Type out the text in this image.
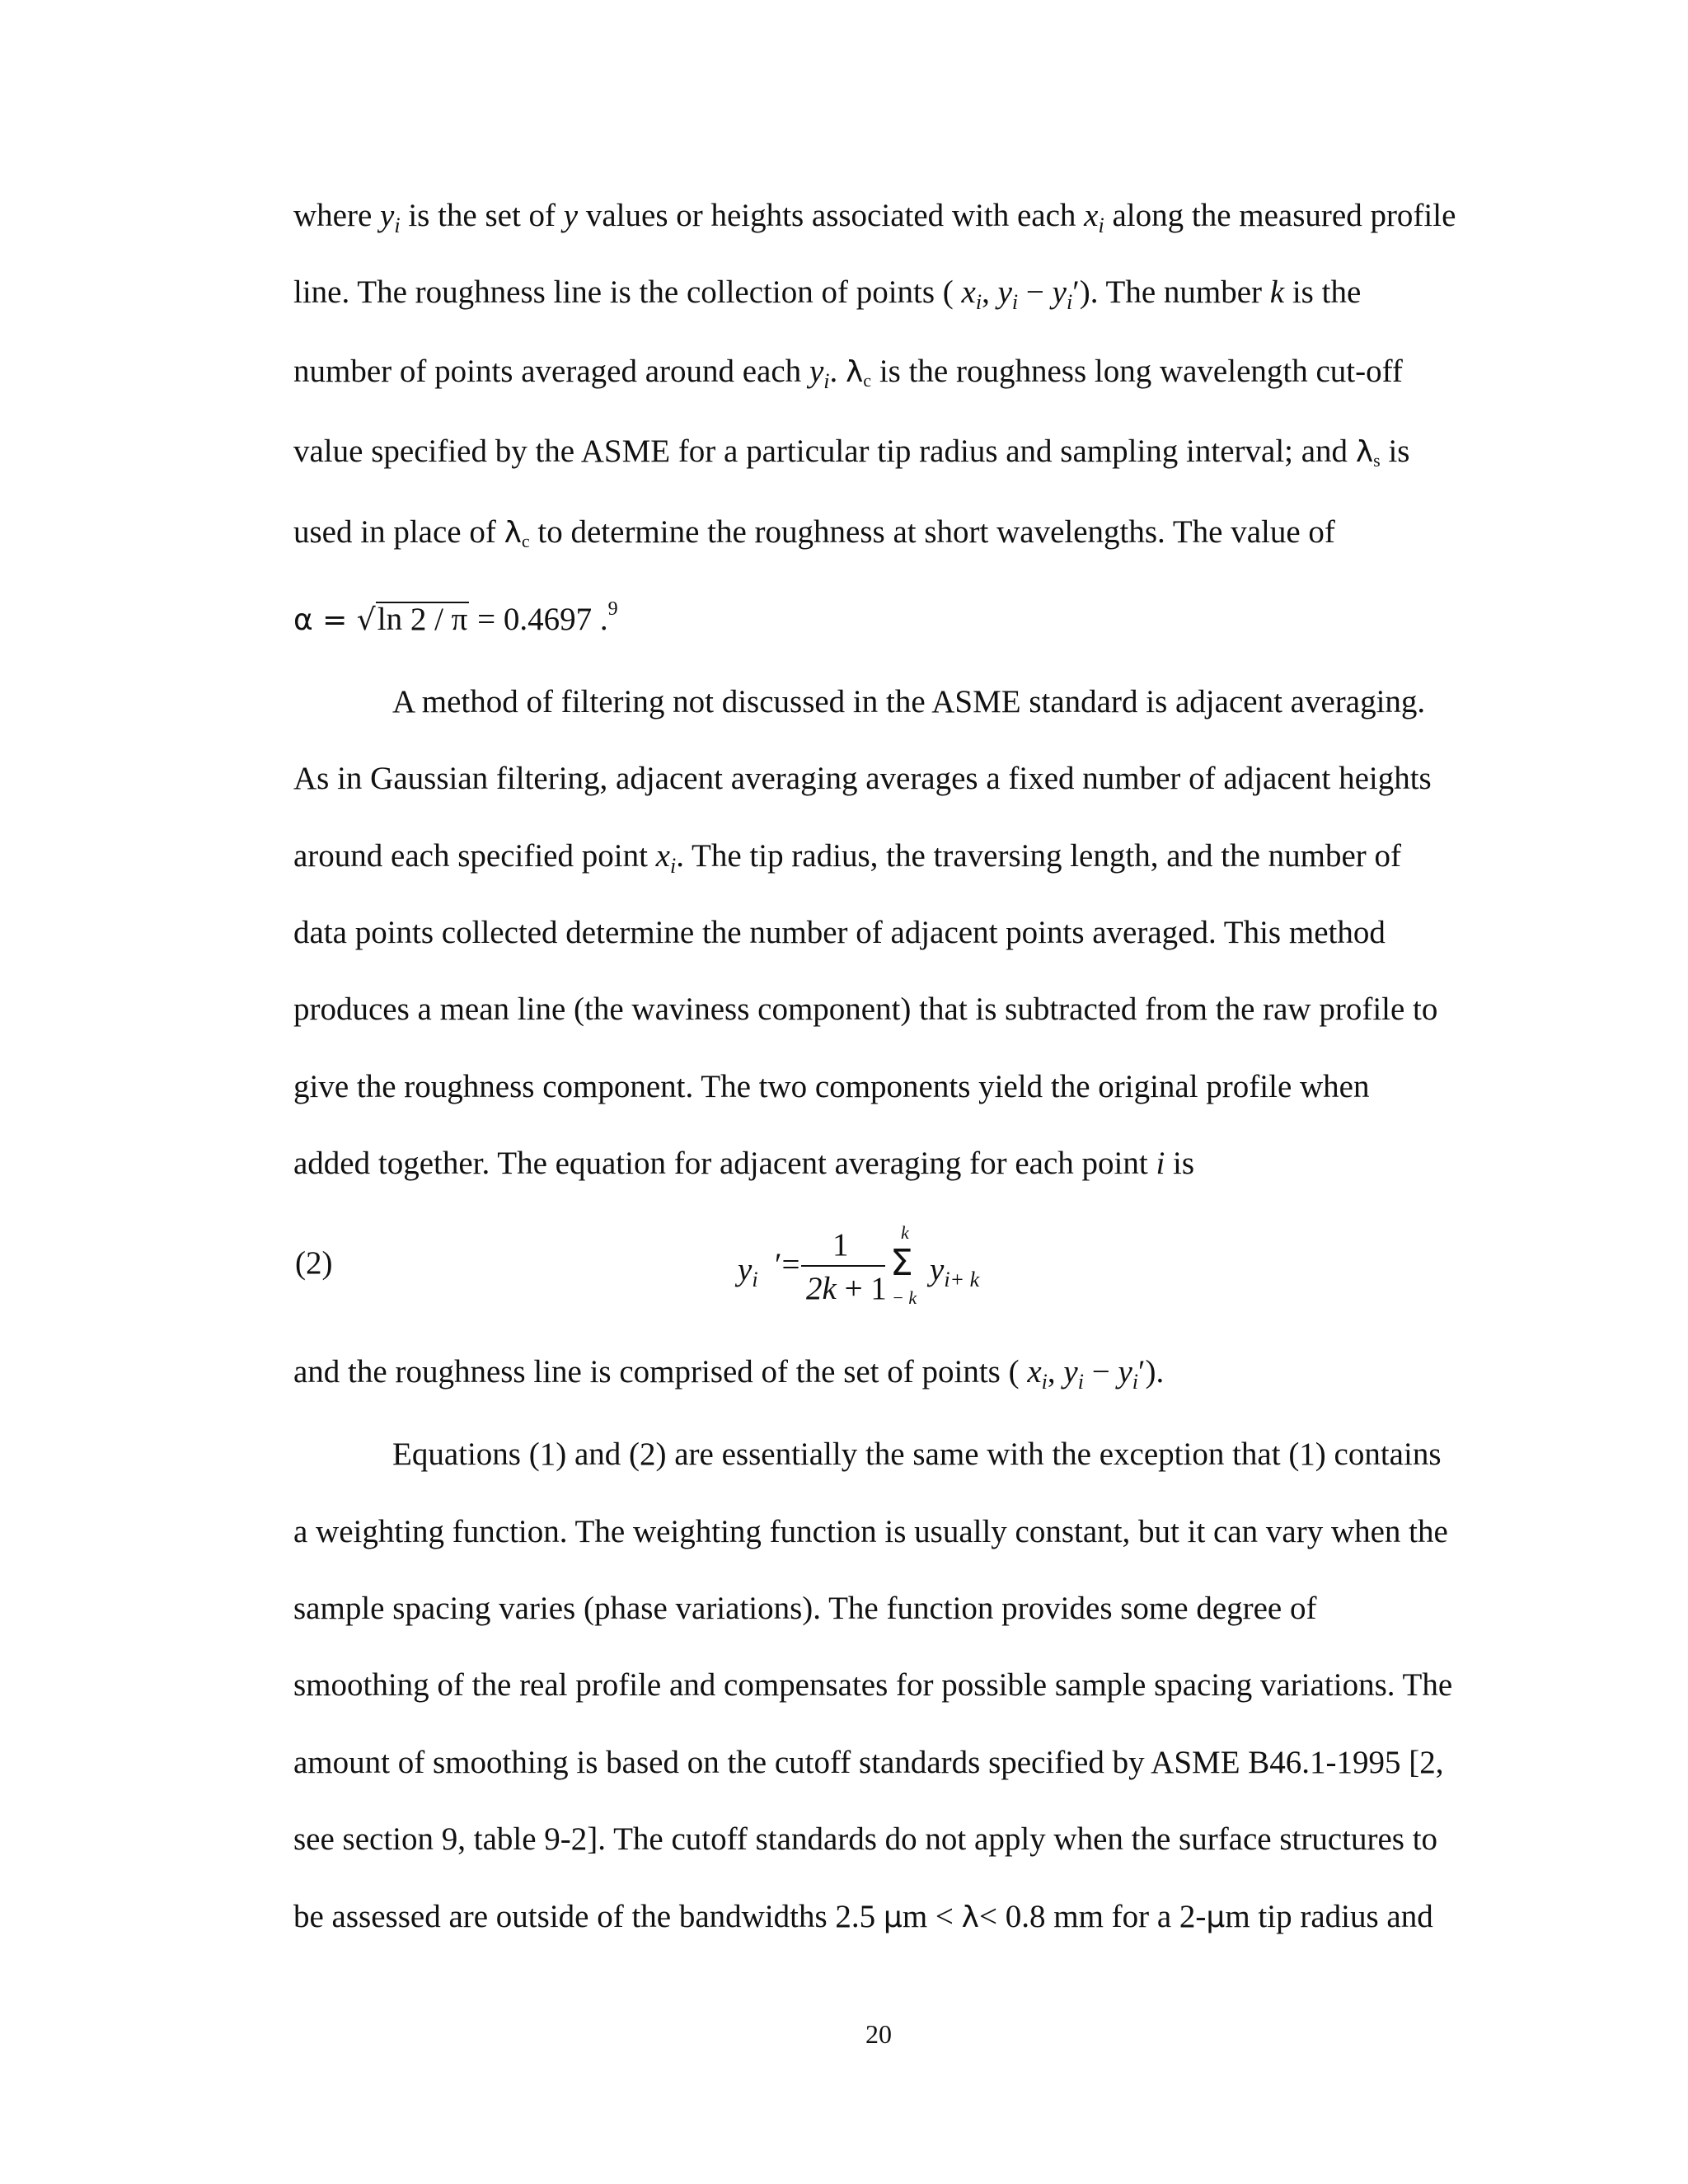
where $y_i$ is the set of y values or heights associated with each $x_i$ along the measured profile
line. The roughness line is the collection of points ( $x_i$, $y_i - y_i'$). The number k is the
number of points averaged around each $y_i$. λc is the roughness long wavelength cut-off
value specified by the ASME for a particular tip radius and sampling interval; and λs is
used in place of λc to determine the roughness at short wavelengths. The value of
α = √ln 2 / π = 0.4697 .$^9$
A method of filtering not discussed in the ASME standard is adjacent averaging.
As in Gaussian filtering, adjacent averaging averages a fixed number of adjacent heights
around each specified point $x_i$. The tip radius, the traversing length, and the number of
data points collected determine the number of adjacent points averaged. This method
produces a mean line (the waviness component) that is subtracted from the raw profile to
give the roughness component. The two components yield the original profile when
added together. The equation for adjacent averaging for each point i is
(2)	$y_i$ ′=
1
2k + 1
k
Σ
− k
$y_{i+ k}$
and the roughness line is comprised of the set of points ( $x_i$, $y_i - y_i'$).
Equations (1) and (2) are essentially the same with the exception that (1) contains
a weighting function. The weighting function is usually constant, but it can vary when the
sample spacing varies (phase variations). The function provides some degree of
smoothing of the real profile and compensates for possible sample spacing variations. The
amount of smoothing is based on the cutoff standards specified by ASME B46.1-1995 [2,
see section 9, table 9-2]. The cutoff standards do not apply when the surface structures to
be assessed are outside of the bandwidths 2.5 μm < λ< 0.8 mm for a 2-μm tip radius and
20
